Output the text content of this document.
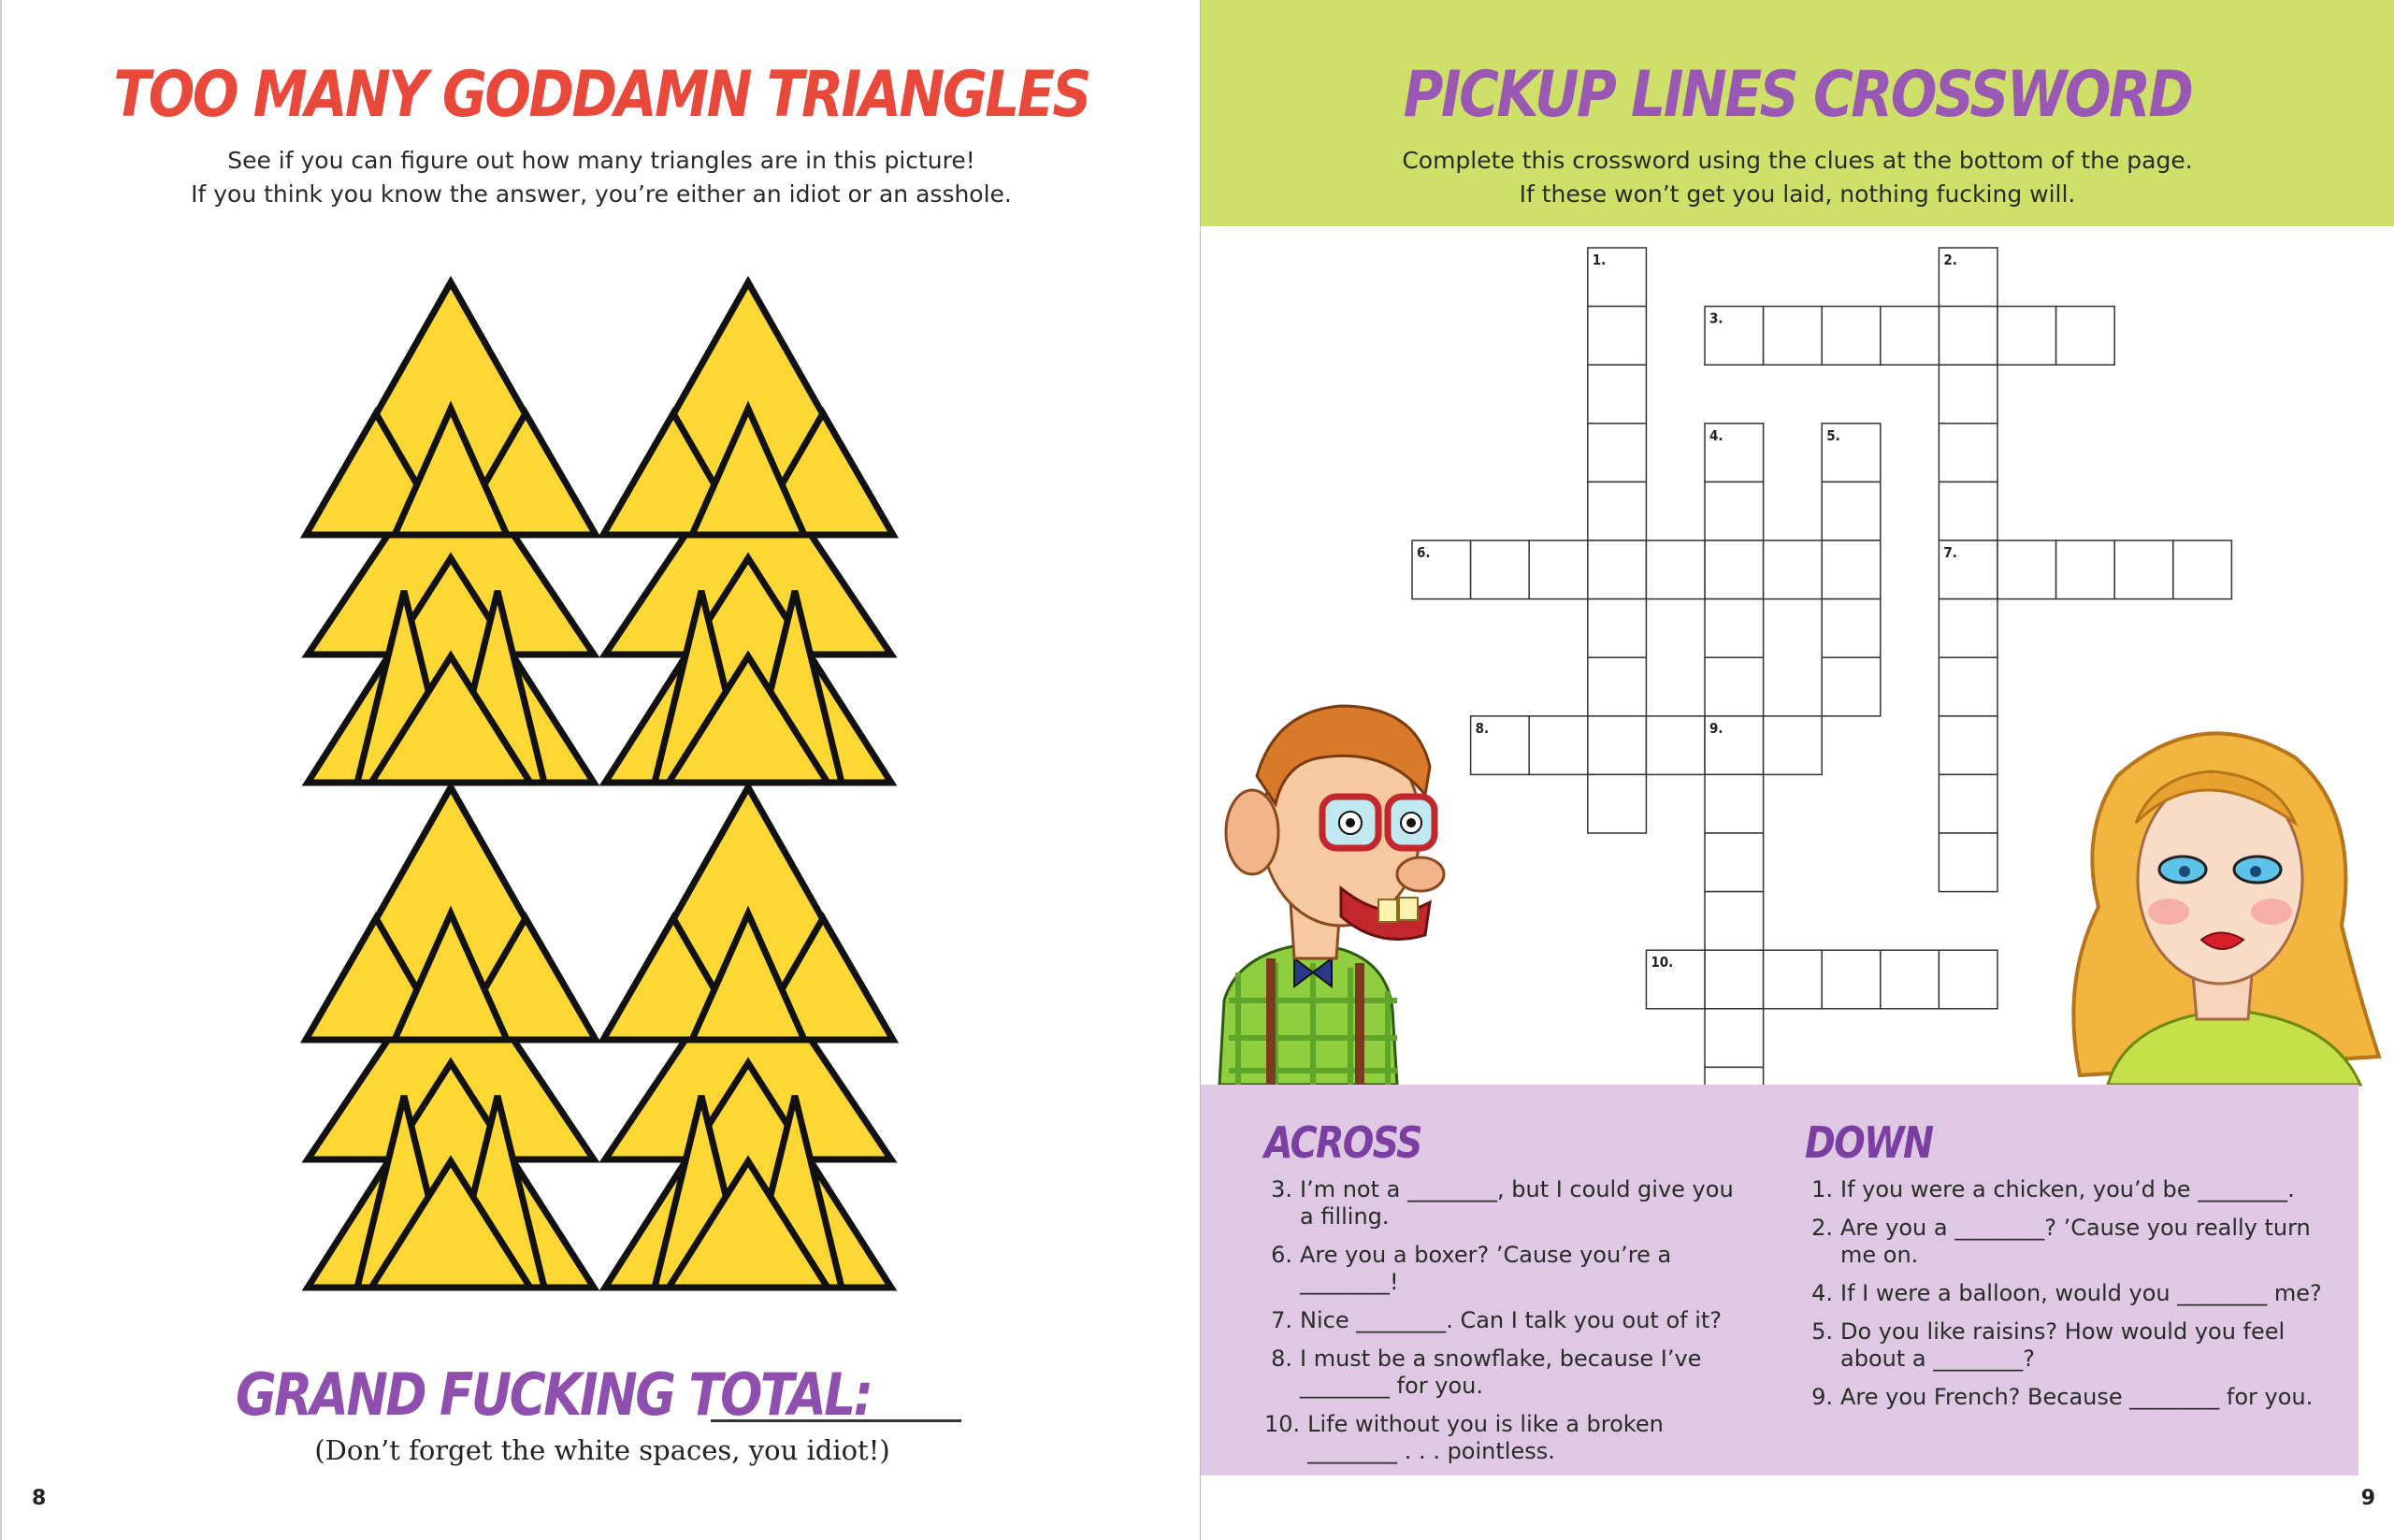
TOO MANY GODDAMN TRIANGLES
See if you can figure out how many triangles are in this picture!
If you think you know the answer, you’re either an idiot or an asshole.

GRAND FUCKING TOTAL:

(Don’t forget the white spaces, you idiot!)

8

PICKUP LINES CROSSWORD
Complete this crossword using the clues at the bottom of the page.
If these won’t get you laid, nothing fucking will.
1.	2.
3.
4.	5.
6.	7.
8.	9.
10.
ACROSS
3. I’m not a ________, but I could give you a filling.
6. Are you a boxer? ’Cause you’re a ________!
7. Nice ________. Can I talk you out of it?
8. I must be a snowflake, because I’ve ________ for you.
10. Life without you is like a broken ________ . . . pointless.
DOWN
1. If you were a chicken, you’d be ________.
2. Are you a ________? ’Cause you really turn me on.
4. If I were a balloon, would you ________ me?
5. Do you like raisins? How would you feel about a ________?
9. Are you French? Because ________ for you.

9
